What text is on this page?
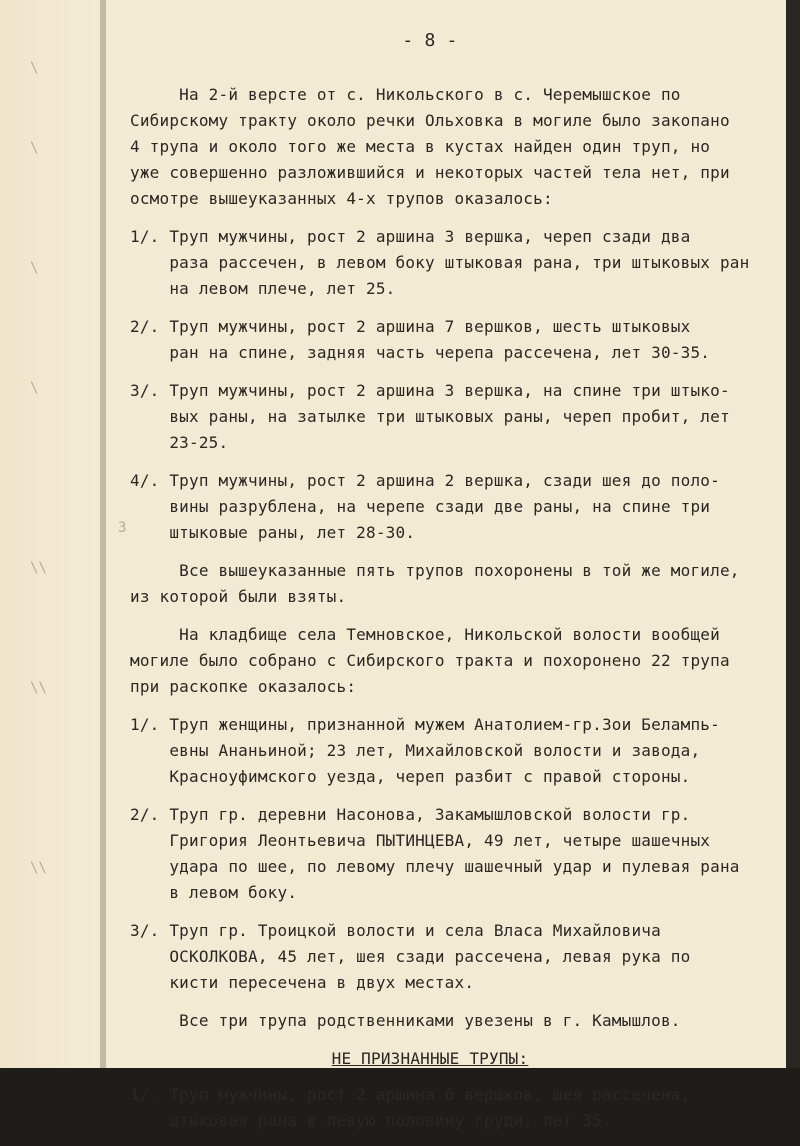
\
\
\
\
3
\\
\\
\\
- 8 -
На 2-й версте от с. Никольского в с. Черемышское по
Сибирскому тракту около речки Ольховка в могиле было закопано
4 трупа и около того же места в кустах найден один труп, но
уже совершенно разложившийся и некоторых частей тела нет, при
осмотре вышеуказанных 4-х трупов оказалось:
1/. Труп мужчины, рост 2 аршина 3 вершка, череп сзади два
раза рассечен, в левом боку штыковая рана, три штыковых ран
на левом плече, лет 25.
2/. Труп мужчины, рост 2 аршина 7 вершков, шесть штыковых
ран на спине, задняя часть черепа рассечена, лет 30-35.
3/. Труп мужчины, рост 2 аршина 3 вершка, на спине три штыко-
вых раны, на затылке три штыковых раны, череп пробит, лет
23-25.
4/. Труп мужчины, рост 2 аршина 2 вершка, сзади шея до поло-
вины разрублена, на черепе сзади две раны, на спине три
штыковые раны, лет 28-30.
Все вышеуказанные пять трупов похоронены в той же могиле,
из которой были взяты.
На кладбище села Темновское, Никольской волости вообщей
могиле было собрано с Сибирского тракта и похоронено 22 трупа
при раскопке оказалось:
1/. Труп женщины, признанной мужем Анатолием-гр.Зои Белампь-
евны Ананьиной; 23 лет, Михайловской волости и завода,
Красноуфимского уезда, череп разбит с правой стороны.
2/. Труп гр. деревни Насонова, Закамышловской волости гр.
Григория Леонтьевича ПЫТИНЦЕВА, 49 лет, четыре шашечных
удара по шее, по левому плечу шашечный удар и пулевая рана
в левом боку.
3/. Труп гр. Троицкой волости и села Власа Михайловича
ОСКОЛКОВА, 45 лет, шея сзади рассечена, левая рука по
кисти пересечена в двух местах.
Все три трупа родственниками увезены в г. Камышлов.
НЕ ПРИЗНАННЫЕ ТРУПЫ:
1/. Труп мужчины, рост 2 аршина 6 вершков, шея рассечена,
штыковая рана в левую половину груди, лет 35.
